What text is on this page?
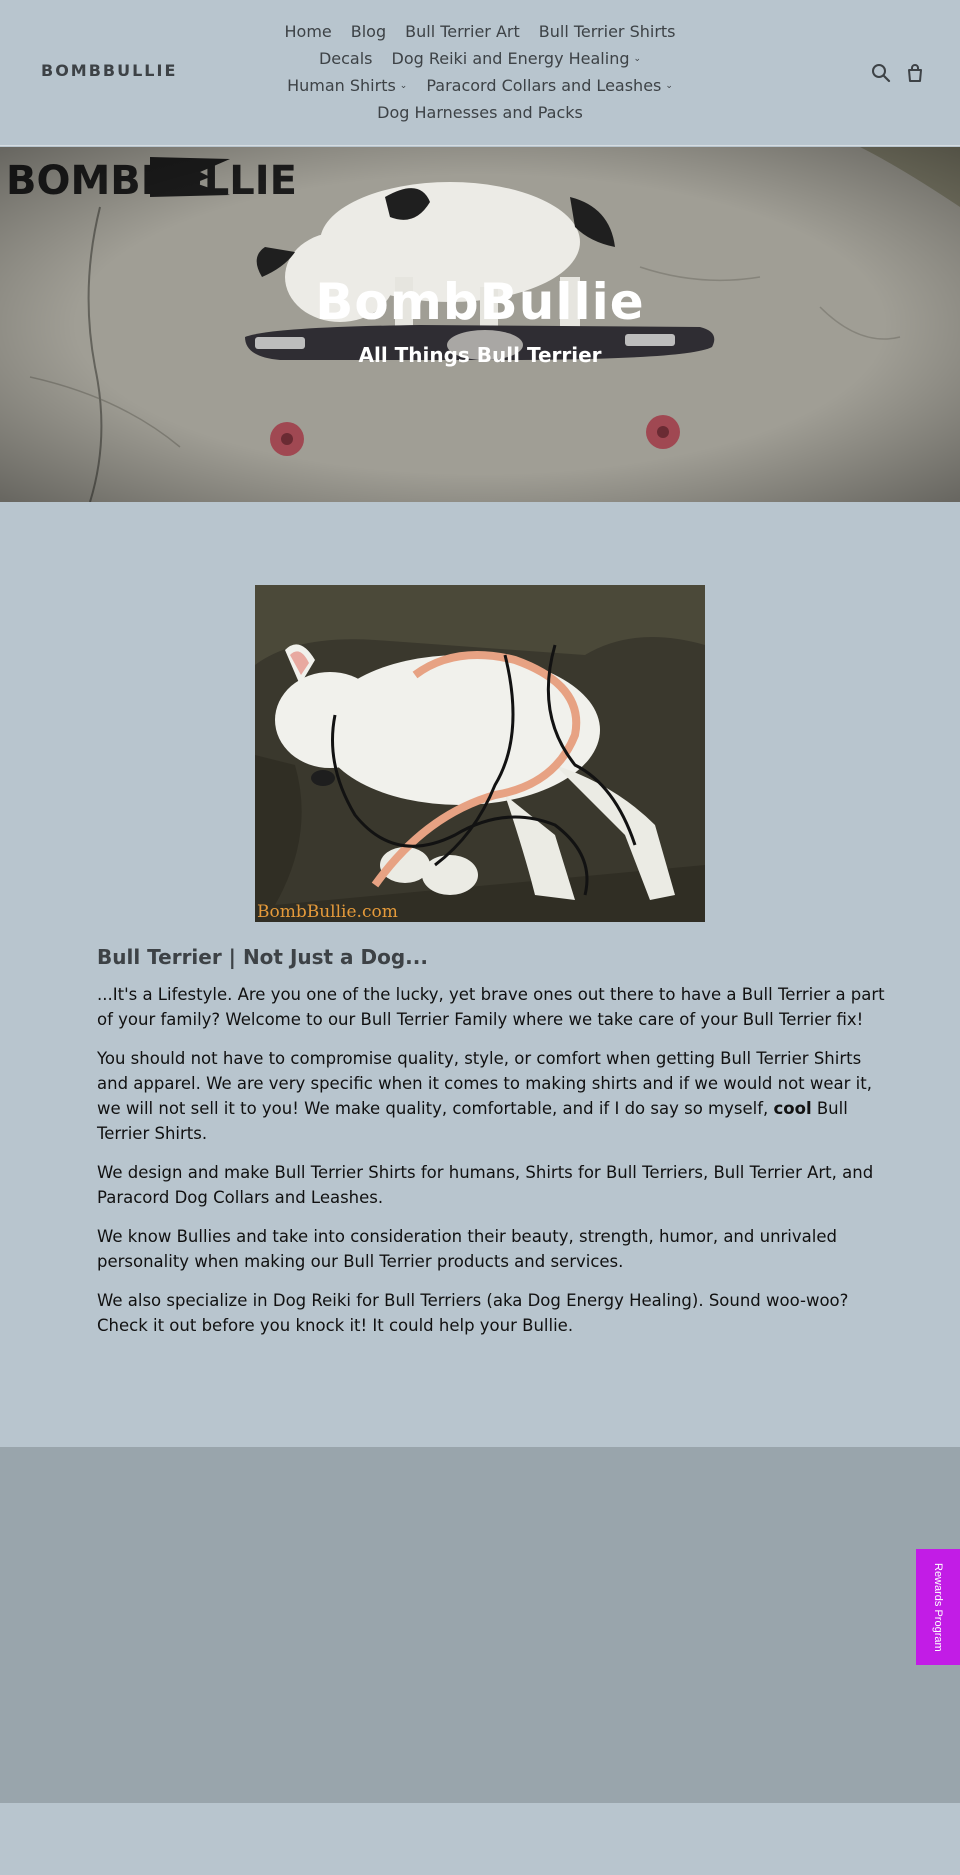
BOMBBULLIE
Home Blog Bull Terrier Art Bull Terrier Shirts
Decals Dog Reiki and Energy Healing ⌄
Human Shirts ⌄ Paracord Collars and Leashes ⌄
Dog Harnesses and Packs
BombBullie
All Things Bull Terrier
BombBullie.com
Bull Terrier | Not Just a Dog...

...It's a Lifestyle. Are you one of the lucky, yet brave ones out there to have a Bull Terrier a part of your family? Welcome to our Bull Terrier Family where we take care of your Bull Terrier fix!

You should not have to compromise quality, style, or comfort when getting Bull Terrier Shirts and apparel. We are very specific when it comes to making shirts and if we would not wear it, we will not sell it to you! We make quality, comfortable, and if I do say so myself, cool Bull Terrier Shirts.

We design and make Bull Terrier Shirts for humans, Shirts for Bull Terriers, Bull Terrier Art, and Paracord Dog Collars and Leashes.

We know Bullies and take into consideration their beauty, strength, humor, and unrivaled personality when making our Bull Terrier products and services.

We also specialize in Dog Reiki for Bull Terriers (aka Dog Energy Healing). Sound woo-woo? Check it out before you knock it! It could help your Bullie.

Rewards Program
